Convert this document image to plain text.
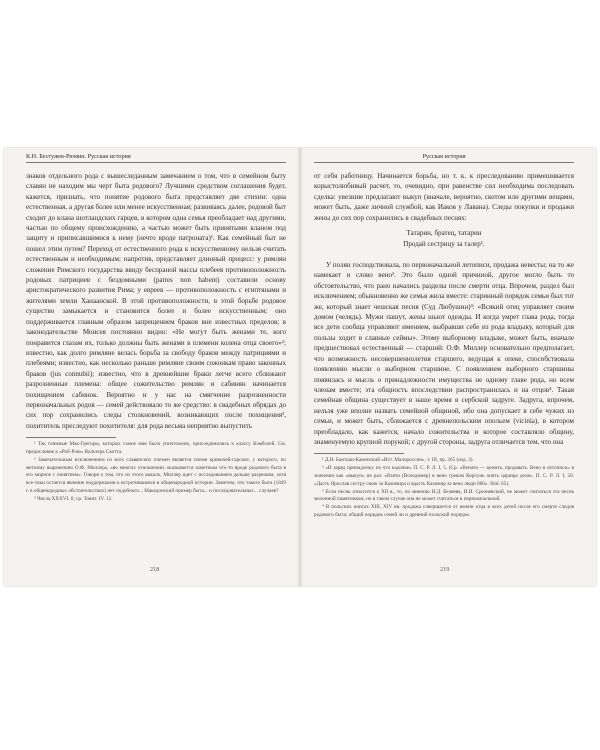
К.Н. Бестужев-Рюмин. Русская история

знаков отдельного рода с вышеследанным замечанием о том, что в семейном быту славян не находим мы черт быта родового? Лучшими средством соглашения будет, кажется, признать, что понятие родового быта представляет две стихии: одна естественная, а другая более или менее искусственная; развиваясь далее, родовой быт сходит до клана шотландских гарцев, в котором одна семья преобладает над другими, частью по общему происхождению, а частью может быть принятыми кланом под защиту и приписавшимися к нему (нечто вроде патроната)¹. Как семейный быт не пошел этим путем? Переход от естественного рода к искусственному нельзя считать естественным и необходимым; напротив, представляет длинный процесс: у римлян сложение Римского государства ввиду беспраной массы плебеев противоположность родовых патрициев с бездомными (patres non habent) составили основу аристократического развития Рима; у евреев — противоположность с египтянами и жителями земли Ханаанской. В этой противоположности, в этой борьбе родовое существо замыкается и становится более и более искусственным; оно поддерживается главным образом запрещением браков вне известных пределов; в законодательстве Моисея постоянно видно: «Не могут быть женами те, кого понравится глазам их, только должны быть женами в племени колена отца своего»²; известно, как долго римляне велась борьба за свободу браков между патрициями и плебеями; известно, как несколько раньше римляне своим сожонкам право законных браков (jus connubii); известно, что в древнейшие браки легче всего сближают разрозненные племена: общее сожительство римлян и сабинян начинается похищением сабинок. Вероятно и у нас на смягчение разрозненности первоначальных родов — семей действовало то же средство: в свадебных обрядах до сих пор сохранились следы столкновений, возникающих после похищения³, похититель преследуют похитителя: для рода весьма неприятно выпустить

¹ Так гонимые Мак-Грегоры, которых самое имя было уничтожено, присоединились к классу Кэмбэлей. См. предисловие к «Роб-Рою» Вальтера Скотта.

² Замечательным исключением из всех славянских племен является племя кривичей-гарское, у которого, по метному выражению О.Ф. Миллера, «во многих отношениях оказывается заметным что-то вроде родового быта в его мирное с понятием». Говоря о том, что из этого вышло, Миллер идет с исследованием дальше разрешим, хотя все-таки остается явление поддержками к встретившимся в общенародной истории. Заметим, что такого быта (1849 г. в общенародных обстоятельствах) нет подобного... Македонский пример быта... и последовательных... случаев?

³ Числа XXXVI. 6; ср. Товит. IV. 12.

Русская история

от себя работницу. Начинается борьба, но т. к. к преследованию примешивается корыстолюбивый расчет, то, очевидно, при равенстве сил необходима последовать сделка: увезшие предлагают выкуп (вначале, вероятно, скотом или другими вещами, может быть, даже личной службой, как Иаков у Лавана). Следы покупки и продажи жены до сих пор сохранились в свадебных песнях:

Татарин, братец, татарин
Продай сестрицу за талер¹.

У полян господствовала, по первоначальной летописи, продажа невесты; на то же намекает и слово вено². Это было одной причиной, другое могло быть то обстоятельство, что рано начались разделы после смерти отца. Впрочем, раздел был исключением; обыкновенно же семья жила вместе: старинный порядок семьи был тот же, который знает чешская песня (Суд Любушин)³: «Всякий отец управляет своим домом (челядь). Мужи пашут, жены шьют одежды. И когда умрет глава рода, тогда все дети сообща управляют имением, выбравши себе из рода владыку, который для пользы ходит в славные сеймы». Этому выборному владыке, может быть, вначале предшествовал естественный — старший: О.Ф. Миллер основательно предполагает, что возможность несовершеннолетия старшего, ведущая к опеке, способствовала появлению мысли о выборном старшине. С появлением выборного старшины появилась и мысль о принадлежности имущества не одному главе рода, но всем членам вместе; эта общность впоследствии распространилась и на отцов⁴. Такая семейная община существует в наше время в сербской задруге. Задруга, впрочем, нельзя уже вполне назвать семейной общиной, ибо она допускает в себе чужих из семьи, и может быть, сближается с древнепольским опольем (vicinia), в котором преобладало, как кажется, начало сожительства и которое составляло общину, знаменуемую крупной порукой; с другой стороны, задруга отличается тем, что она

¹ Д.Н. Бантыш-Каменский «Ист. Малороссии», т. III, пр. 265 (изд. 3).

² «И заряд принадлежу по что кадочке» П. С. Р. Л. I, 5. (Ср. «Венати — ценить, продавать. Вено в летописи» в значении как «выкуп» не раз: «Взяти (Володимер) в вено греком Корсунь опять царицы деля». П. С. Р. Л. I, 50. «Дасть Ярослав сестру свою за Казимира и вдасть Казимир за вено люди 800». Ibid. 65).

³ Если песнь относится к XII в., то, по мнению И.Д. Беляева, И.И. Срезневский, не может считаться эта песнь моленной памятником, но в таком случае она не может считаться и первоначальной.

⁴ В польских книгах XIII, XIV вв. продажа совершается от имени отца и всех детей после его смерти следов родового быта; общий порядок семей ли и древний польский порядок.

218	219
